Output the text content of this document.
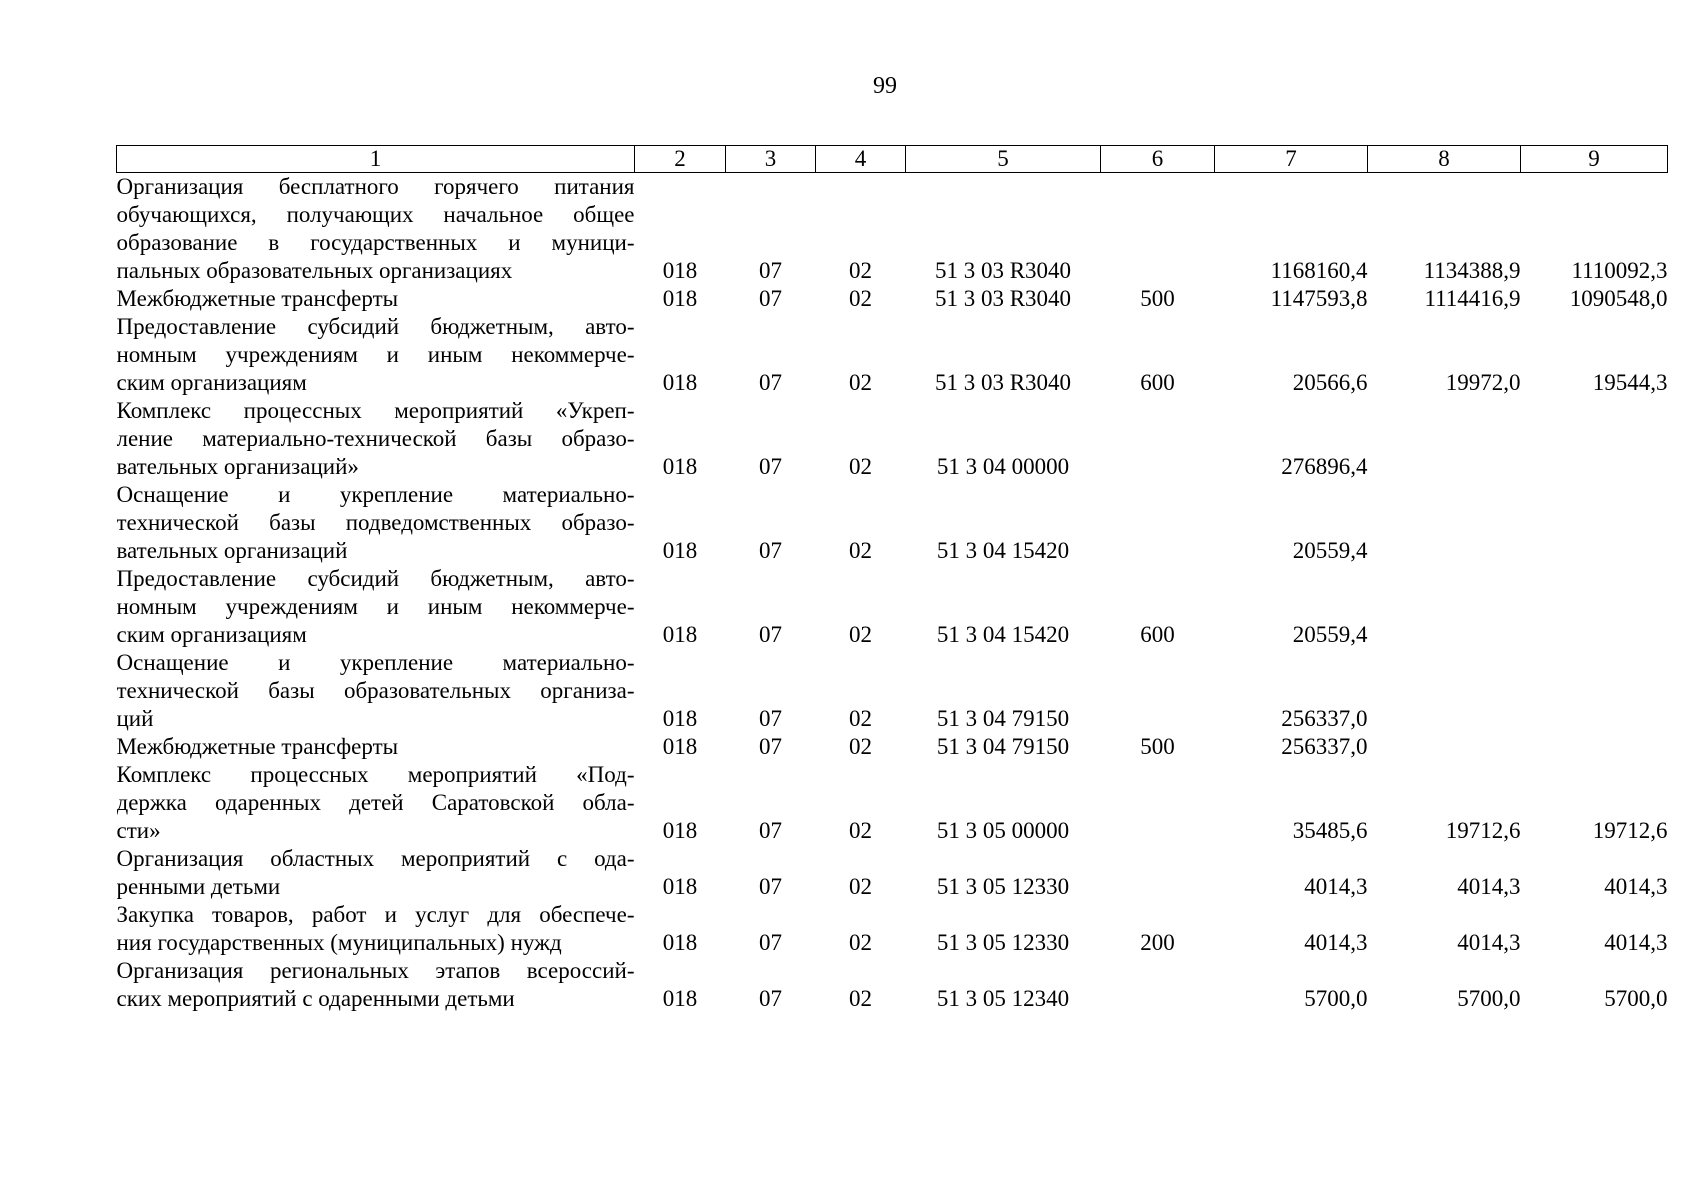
99
1	2	3	4	5	6	7	8	9

Организация бесплатного горячего питания
обучающихся, получающих начальное общее
образование в государственных и муници-
пальных образовательных организациях	018	07	02	51 3 03 R3040		1168160,4	1134388,9	1110092,3

Межбюджетные трансферты	018	07	02	51 3 03 R3040	500	1147593,8	1114416,9	1090548,0

Предоставление субсидий бюджетным, авто-
номным учреждениям и иным некоммерче-
ским организациям	018	07	02	51 3 03 R3040	600	20566,6	19972,0	19544,3

Комплекс процессных мероприятий «Укреп-
ление материально-технической базы образо-
вательных организаций»	018	07	02	51 3 04 00000		276896,4		

Оснащение и укрепление материально-
технической базы подведомственных образо-
вательных организаций	018	07	02	51 3 04 15420		20559,4		

Предоставление субсидий бюджетным, авто-
номным учреждениям и иным некоммерче-
ским организациям	018	07	02	51 3 04 15420	600	20559,4		

Оснащение и укрепление материально-
технической базы образовательных организа-
ций	018	07	02	51 3 04 79150		256337,0		

Межбюджетные трансферты	018	07	02	51 3 04 79150	500	256337,0		

Комплекс процессных мероприятий «Под-
держка одаренных детей Саратовской обла-
сти»	018	07	02	51 3 05 00000		35485,6	19712,6	19712,6

Организация областных мероприятий с ода-
ренными детьми	018	07	02	51 3 05 12330		4014,3	4014,3	4014,3

Закупка товаров, работ и услуг для обеспече-
ния государственных (муниципальных) нужд	018	07	02	51 3 05 12330	200	4014,3	4014,3	4014,3

Организация региональных этапов всероссий-
ских мероприятий с одаренными детьми	018	07	02	51 3 05 12340		5700,0	5700,0	5700,0
